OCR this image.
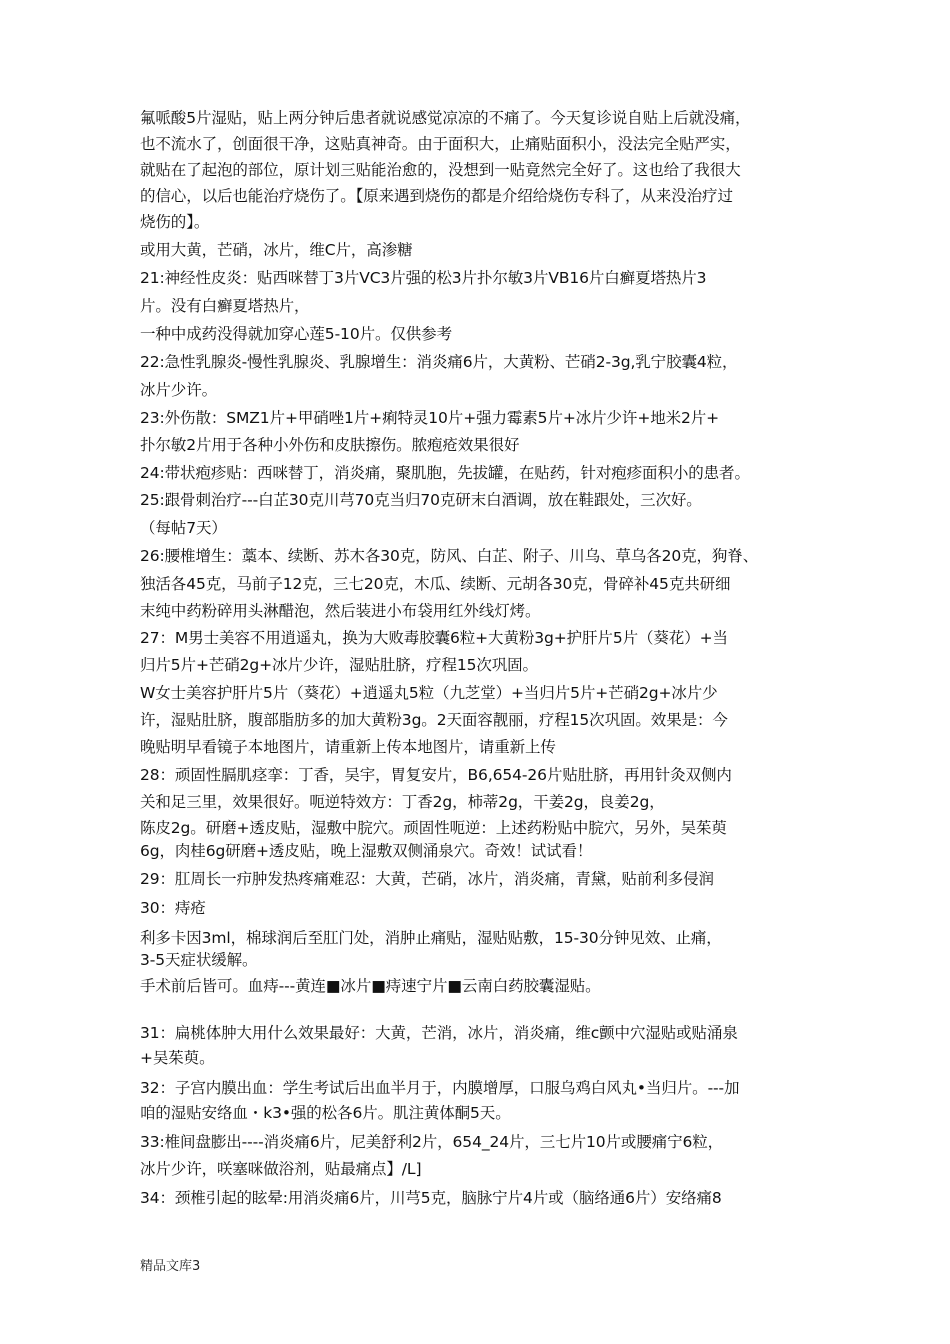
氟哌酸5片湿贴，贴上两分钟后患者就说感觉凉凉的不痛了。今天复诊说自贴上后就没痛，
也不流水了，创面很干净，这贴真神奇。由于面积大，止痛贴面积小，没法完全贴严实，
就贴在了起泡的部位，原计划三贴能治愈的，没想到一贴竟然完全好了。这也给了我很大
的信心，以后也能治疗烧伤了。【原来遇到烧伤的都是介绍给烧伤专科了，从来没治疗过
烧伤的】。
或用大黄，芒硝，冰片，维C片，高渗糖
21:神经性皮炎：贴西咪替丁3片VC3片强的松3片扑尔敏3片VB16片白癣夏塔热片3
片。没有白癣夏塔热片，
一种中成药没得就加穿心莲5-10片。仅供参考
22:急性乳腺炎-慢性乳腺炎、乳腺增生：消炎痛6片，大黄粉、芒硝2-3g,乳宁胶囊4粒，
冰片少许。
23:外伤散：SMZ1片+甲硝唑1片+痢特灵10片+强力霉素5片+冰片少许+地米2片+
扑尔敏2片用于各种小外伤和皮肤擦伤。脓疱疮效果很好
24:带状疱疹贴：西咪替丁，消炎痛，聚肌胞，先拔罐，在贴药，针对疱疹面积小的患者。
25:跟骨刺治疗---白芷30克川芎70克当归70克研末白酒调，放在鞋跟处，三次好。
（每帖7天）
26:腰椎增生：藁本、续断、苏木各30克，防风、白芷、附子、川乌、草乌各20克，狗脊、
独活各45克，马前子12克，三七20克，木瓜、续断、元胡各30克，骨碎补45克共研细
末纯中药粉碎用头淋醋泡，然后装进小布袋用红外线灯烤。
27：M男士美容不用逍遥丸，换为大败毒胶囊6粒+大黄粉3g+护肝片5片（葵花）+当
归片5片+芒硝2g+冰片少许，湿贴肚脐，疗程15次巩固。
W女士美容护肝片5片（葵花）+逍遥丸5粒（九芝堂）+当归片5片+芒硝2g+冰片少
许，湿贴肚脐，腹部脂肪多的加大黄粉3g。2天面容靓丽，疗程15次巩固。效果是：今
晚贴明早看镜子本地图片，请重新上传本地图片，请重新上传
28：顽固性膈肌痉挛：丁香，吴宇，胃复安片，B6,654-26片贴肚脐，再用针灸双侧内
关和足三里，效果很好。呃逆特效方：丁香2g，柿蒂2g，干姜2g，良姜2g，
陈皮2g。研磨+透皮贴，湿敷中脘穴。顽固性呃逆：上述药粉贴中脘穴，另外，吴茱萸
6g，肉桂6g研磨+透皮贴，晚上湿敷双侧涌泉穴。奇效！试试看！
29：肛周长一疖肿发热疼痛难忍：大黄，芒硝，冰片，消炎痛，青黛，贴前利多侵润
30：痔疮
利多卡因3ml，棉球润后至肛门处，消肿止痛贴，湿贴贴敷，15-30分钟见效、止痛，
3-5天症状缓解。
手术前后皆可。血痔---黄连■冰片■痔速宁片■云南白药胶囊湿贴。
31：扁桃体肿大用什么效果最好：大黄，芒消，冰片，消炎痛，维c颤中穴湿贴或贴涌泉
+吴茱萸。
32：子宫内膜出血：学生考试后出血半月于，内膜增厚，口服乌鸡白风丸•当归片。---加
咱的湿贴安络血・k3•强的松各6片。肌注黄体酮5天。
33:椎间盘膨出----消炎痛6片，尼美舒利2片，654_24片，三七片10片或腰痛宁6粒，
冰片少许，咲塞咪做浴剂，贴最痛点】/L]
34：颈椎引起的眩晕:用消炎痛6片，川芎5克，脑脉宁片4片或（脑络通6片）安络痛8
精品文库3
